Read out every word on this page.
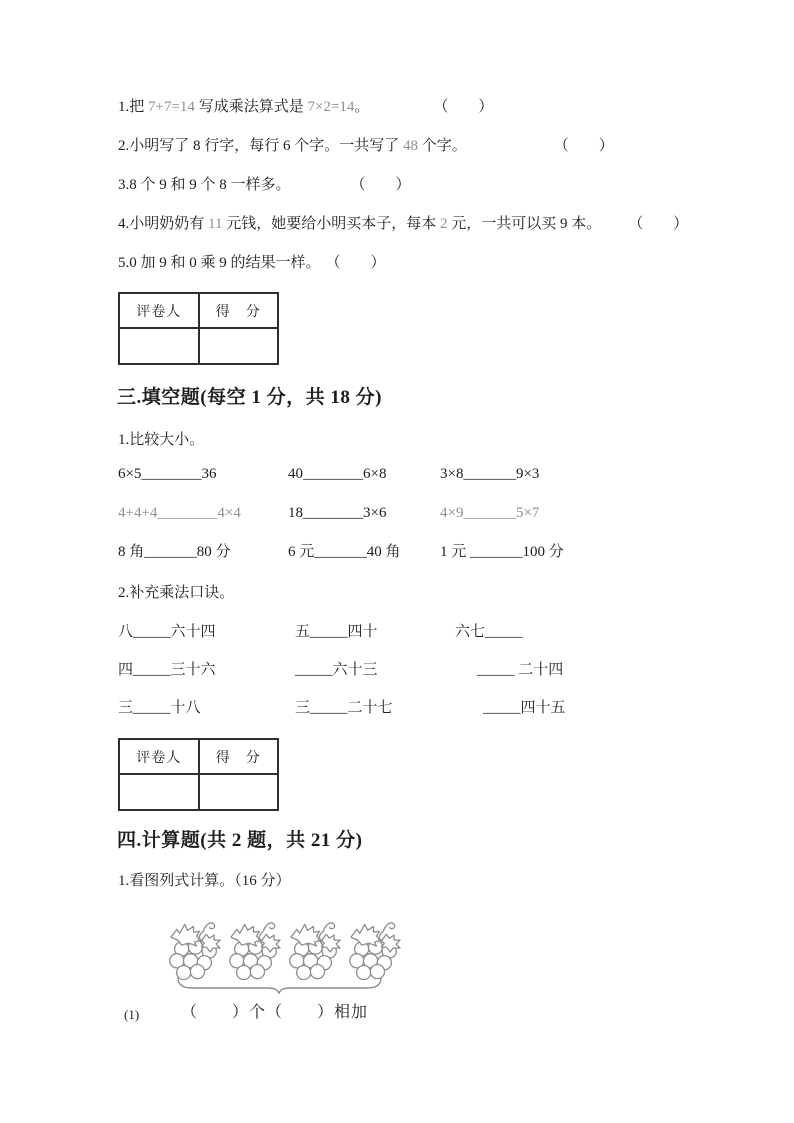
1.把 7+7=14 写成乘法算式是 7×2=14。	（　　）

2.小明写了 8 行字，每行 6 个字。一共写了 48 个字。	（　　）

3.8 个 9 和 9 个 8 一样多。	（　　）

4.小明奶奶有 11 元钱，她要给小明买本子，每本 2 元，一共可以买 9 本。 （　　）

5.0 加 9 和 0 乘 9 的结果一样。 （　　）

评卷人	得　分
三.填空题(每空 1 分，共 18 分)
1.比较大小。
6×5________36	40________6×8	3×8_______9×3
4+4+4________4×4	18________3×6	4×9_______5×7
8 角_______80 分	6 元_______40 角	1 元 _______100 分
2.补充乘法口诀。
八_____六十四	五_____四十	六七_____
四_____三十六	_____六十三	_____ 二十四
三_____十八	三_____二十七	_____四十五
评卷人	得　分
四.计算题(共 2 题，共 21 分)
1.看图列式计算。（16 分）
(1)	（　　）个（　　）相加
